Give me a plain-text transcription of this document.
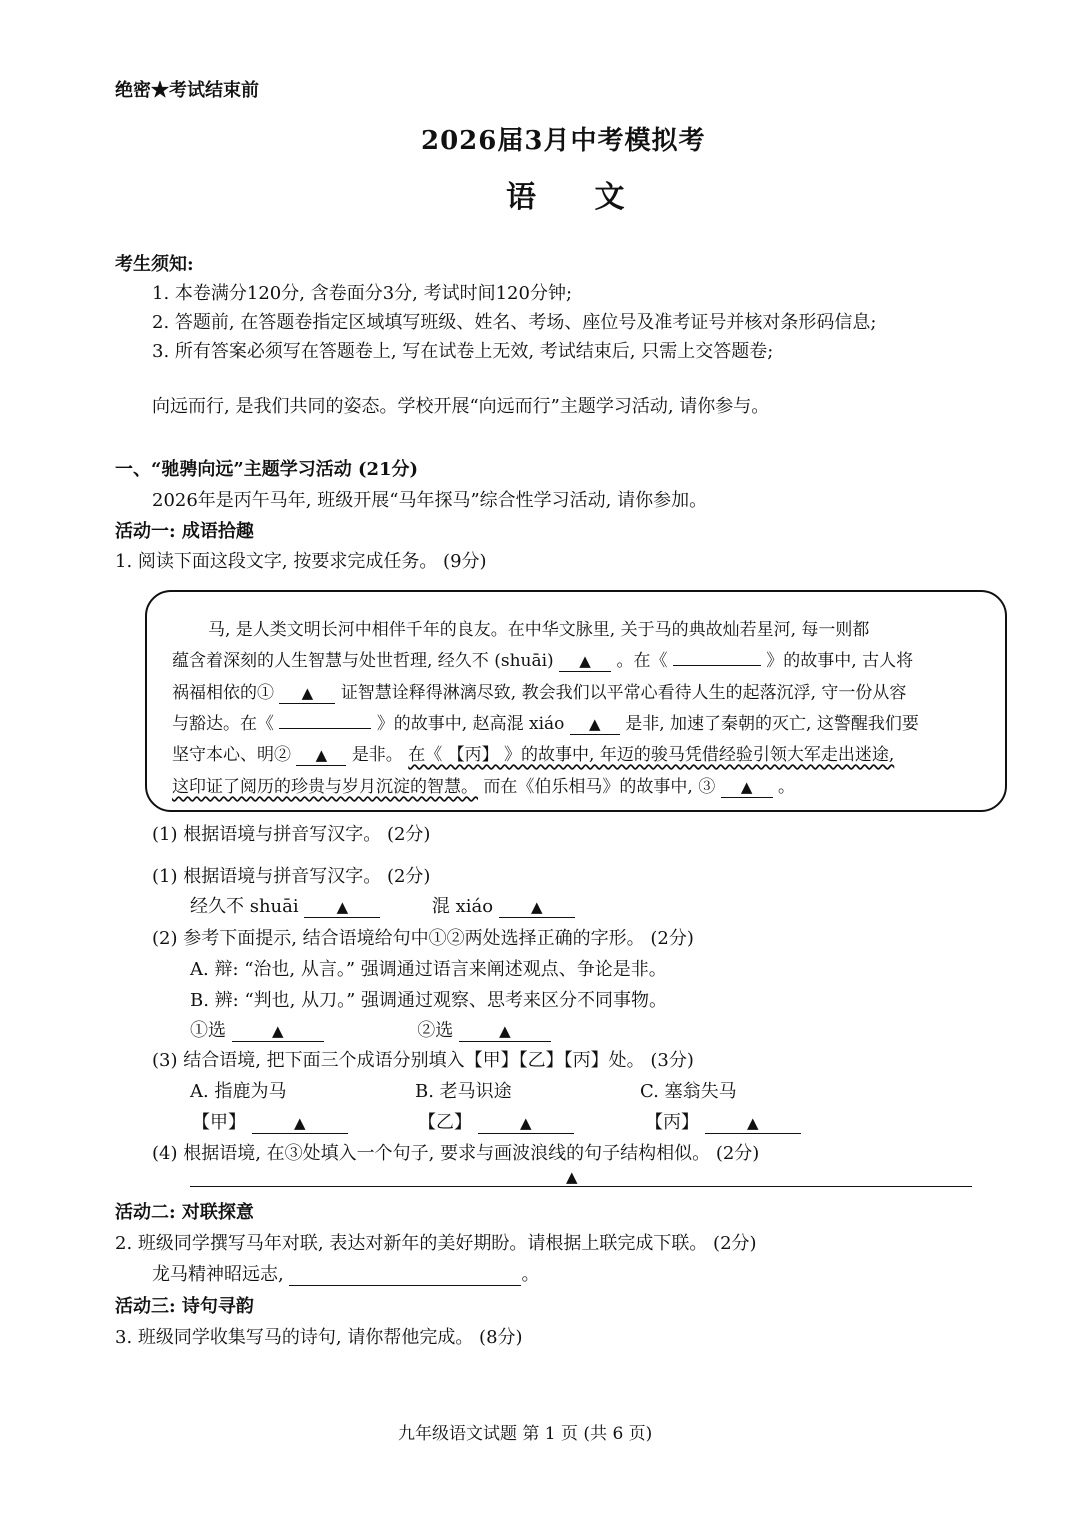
绝密★考试结束前
2026届3月中考模拟考
语 文
考生须知:
1. 本卷满分120分, 含卷面分3分, 考试时间120分钟;
2. 答题前, 在答题卷指定区域填写班级、姓名、考场、座位号及准考证号并核对条形码信息;
3. 所有答案必须写在答题卷上, 写在试卷上无效, 考试结束后, 只需上交答题卷;
向远而行, 是我们共同的姿态。学校开展“向远而行”主题学习活动, 请你参与。
一、“驰骋向远”主题学习活动 (21分)
2026年是丙午马年, 班级开展“马年探马”综合性学习活动, 请你参加。
活动一: 成语拾趣
1. 阅读下面这段文字, 按要求完成任务。 (9分)
马, 是人类文明长河中相伴千年的良友。在中华文脉里, 关于马的典故灿若星河, 每一则都
蕴含着深刻的人生智慧与处世哲理, 经久不 (shuāi) ▲ 。在《	》的故事中, 古人将
祸福相依的① ▲ 证智慧诠释得淋漓尽致, 教会我们以平常心看待人生的起落沉浮, 守一份从容
与豁达。在《	》的故事中, 赵高混 xiáo ▲ 是非, 加速了秦朝的灭亡, 这警醒我们要
坚守本心、明② ▲ 是非。 在《 【丙】 》的故事中, 年迈的骏马凭借经验引领大军走出迷途,
这印证了阅历的珍贵与岁月沉淀的智慧。 而在《伯乐相马》的故事中, ③ ▲ 。
(1) 根据语境与拼音写汉字。 (2分)
(1) 根据语境与拼音写汉字。 (2分)
经久不 shuāi	▲	混 xiáo	▲
(2) 参考下面提示, 结合语境给句中①②两处选择正确的字形。 (2分)
A. 辩: “治也, 从言。” 强调通过语言来阐述观点、争论是非。
B. 辨: “判也, 从刀。” 强调通过观察、思考来区分不同事物。
①选	▲	②选	▲
(3) 结合语境, 把下面三个成语分别填入【甲】【乙】【丙】处。 (3分)
A. 指鹿为马	B. 老马识途	C. 塞翁失马
【甲】	▲	【乙】	▲	【丙】	▲
(4) 根据语境, 在③处填入一个句子, 要求与画波浪线的句子结构相似。 (2分)
▲
活动二: 对联探意
2. 班级同学撰写马年对联, 表达对新年的美好期盼。请根据上联完成下联。 (2分)
龙马精神昭远志,	。
活动三: 诗句寻韵
3. 班级同学收集写马的诗句, 请你帮他完成。 (8分)
九年级语文试题 第 1 页 (共 6 页)
